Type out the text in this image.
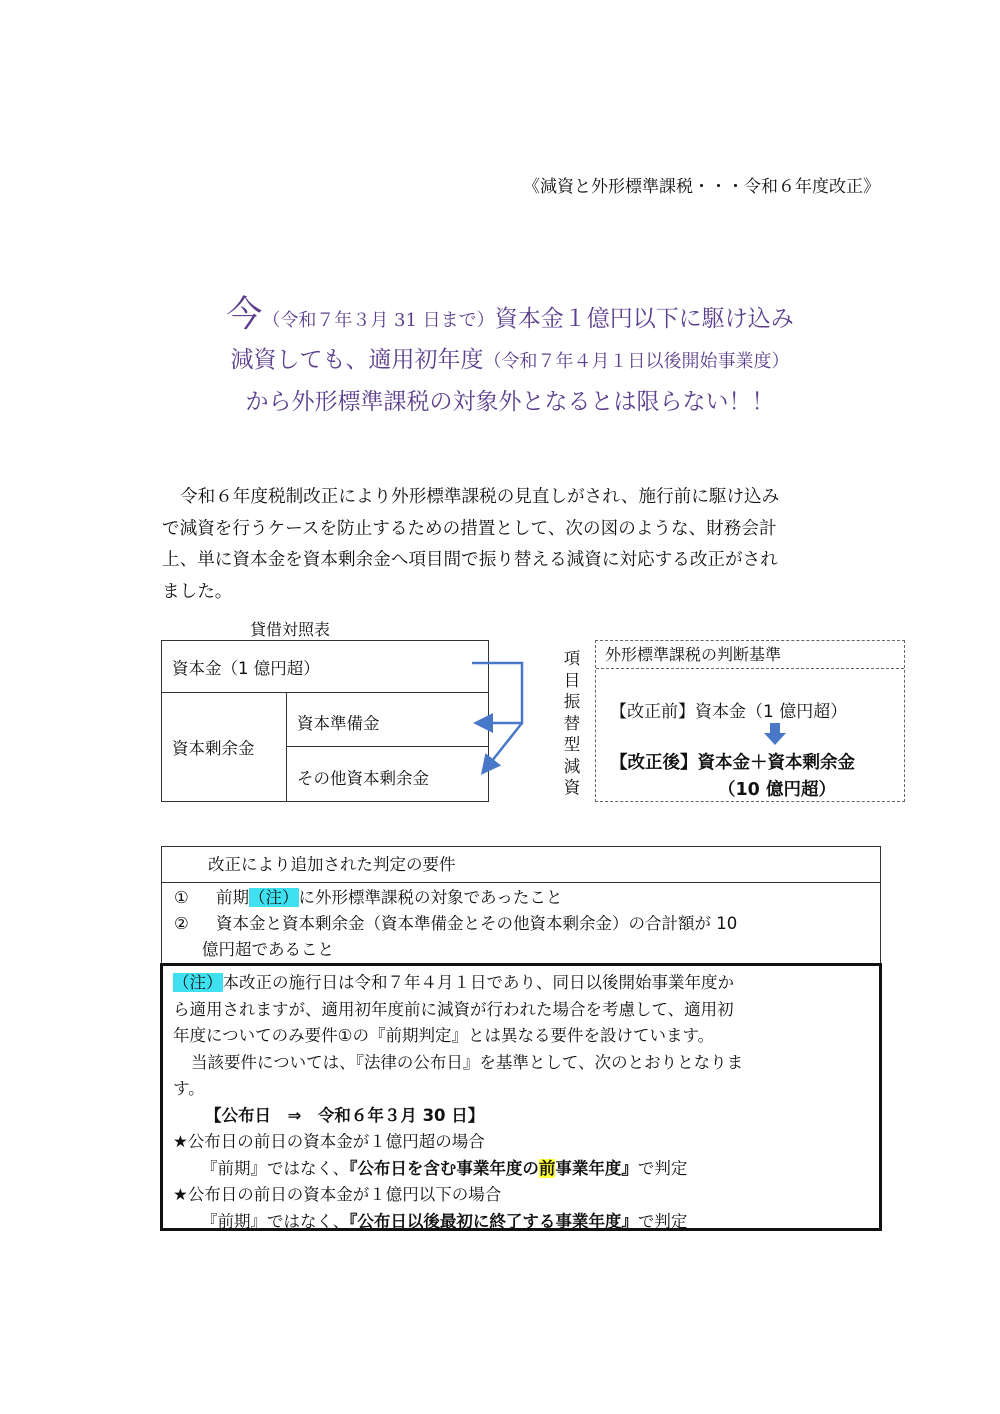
《減資と外形標準課税・・・令和６年度改正》
今（令和７年３月 31 日まで）資本金１億円以下に駆け込み
減資しても、適用初年度（令和７年４月１日以後開始事業度）
から外形標準課税の対象外となるとは限らない！！
令和６年度税制改正により外形標準課税の見直しがされ、施行前に駆け込み
で減資を行うケースを防止するための措置として、次の図のような、財務会計
上、単に資本金を資本剰余金へ項目間で振り替える減資に対応する改正がされ
ました。
貸借対照表
資本金（1 億円超）
資本剰余金
資本準備金
その他資本剰余金
項
目
振
替
型
減
資
外形標準課税の判断基準
【改正前】資本金（1 億円超）
【改正後】資本金＋資本剰余金
（10 億円超）
改正により追加された判定の要件
① 前期（注）に外形標準課税の対象であったこと
② 資本金と資本剰余金（資本準備金とその他資本剰余金）の合計額が 10
億円超であること

（注）本改正の施行日は令和７年４月１日であり、同日以後開始事業年度か

ら適用されますが、適用初年度前に減資が行われた場合を考慮して、適用初

年度についてのみ要件①の『前期判定』とは異なる要件を設けています。

当該要件については、『法律の公布日』を基準として、次のとおりとなりま

す。

【公布日　⇒　令和６年３月 30 日】

★公布日の前日の資本金が１億円超の場合

『前期』ではなく、『公布日を含む事業年度の前事業年度』で判定

★公布日の前日の資本金が１億円以下の場合

『前期』ではなく、『公布日以後最初に終了する事業年度』で判定
